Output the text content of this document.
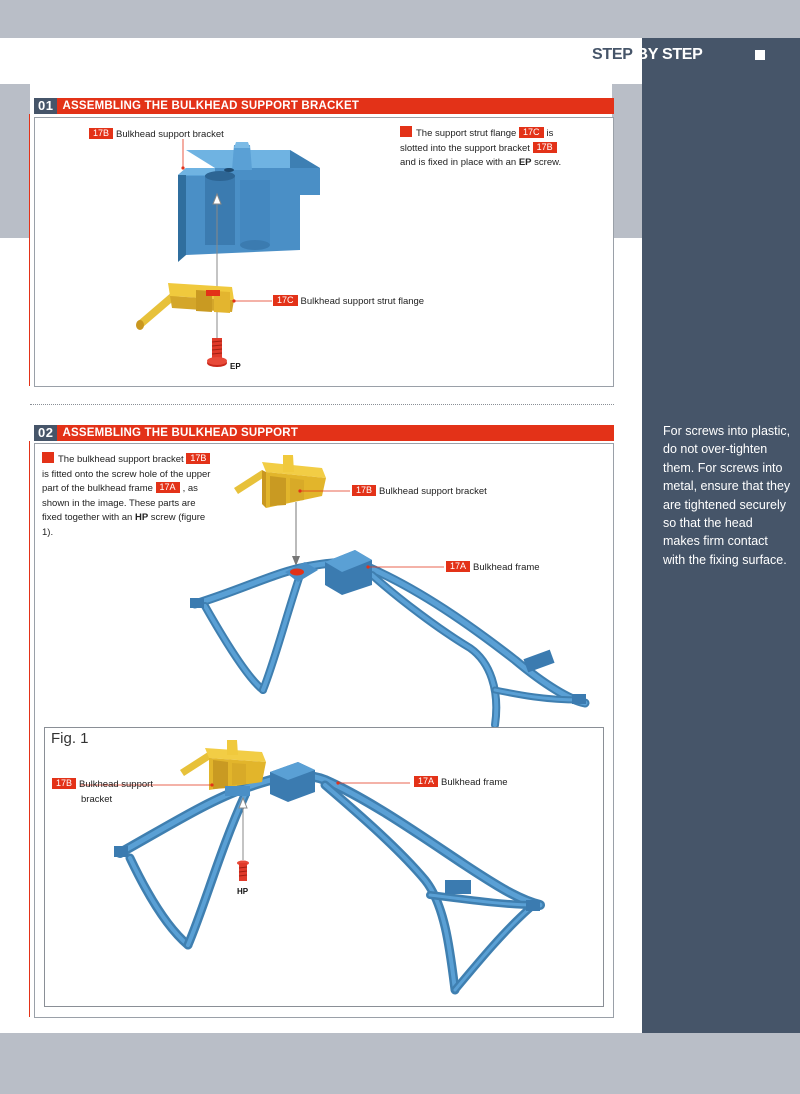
STEP BY STEP
For screws into plastic, do not over-tighten them. For screws into metal, ensure that they are tightened securely so that the head makes firm contact with the fixing surface.
01 ASSEMBLING THE BULKHEAD SUPPORT BRACKET
17B Bulkhead support bracket
17C Bulkhead support strut flange
EP
The support strut flange 17C is slotted into the support bracket 17B and is fixed in place with an EP screw.
02 ASSEMBLING THE BULKHEAD SUPPORT
The bulkhead support bracket 17B is fitted onto the screw hole of the upper part of the bulkhead frame 17A , as shown in the image. These parts are fixed together with an HP screw (figure 1).
17B Bulkhead support bracket
17A Bulkhead frame
Fig. 1
17B Bulkhead support
bracket
17A Bulkhead frame
HP
